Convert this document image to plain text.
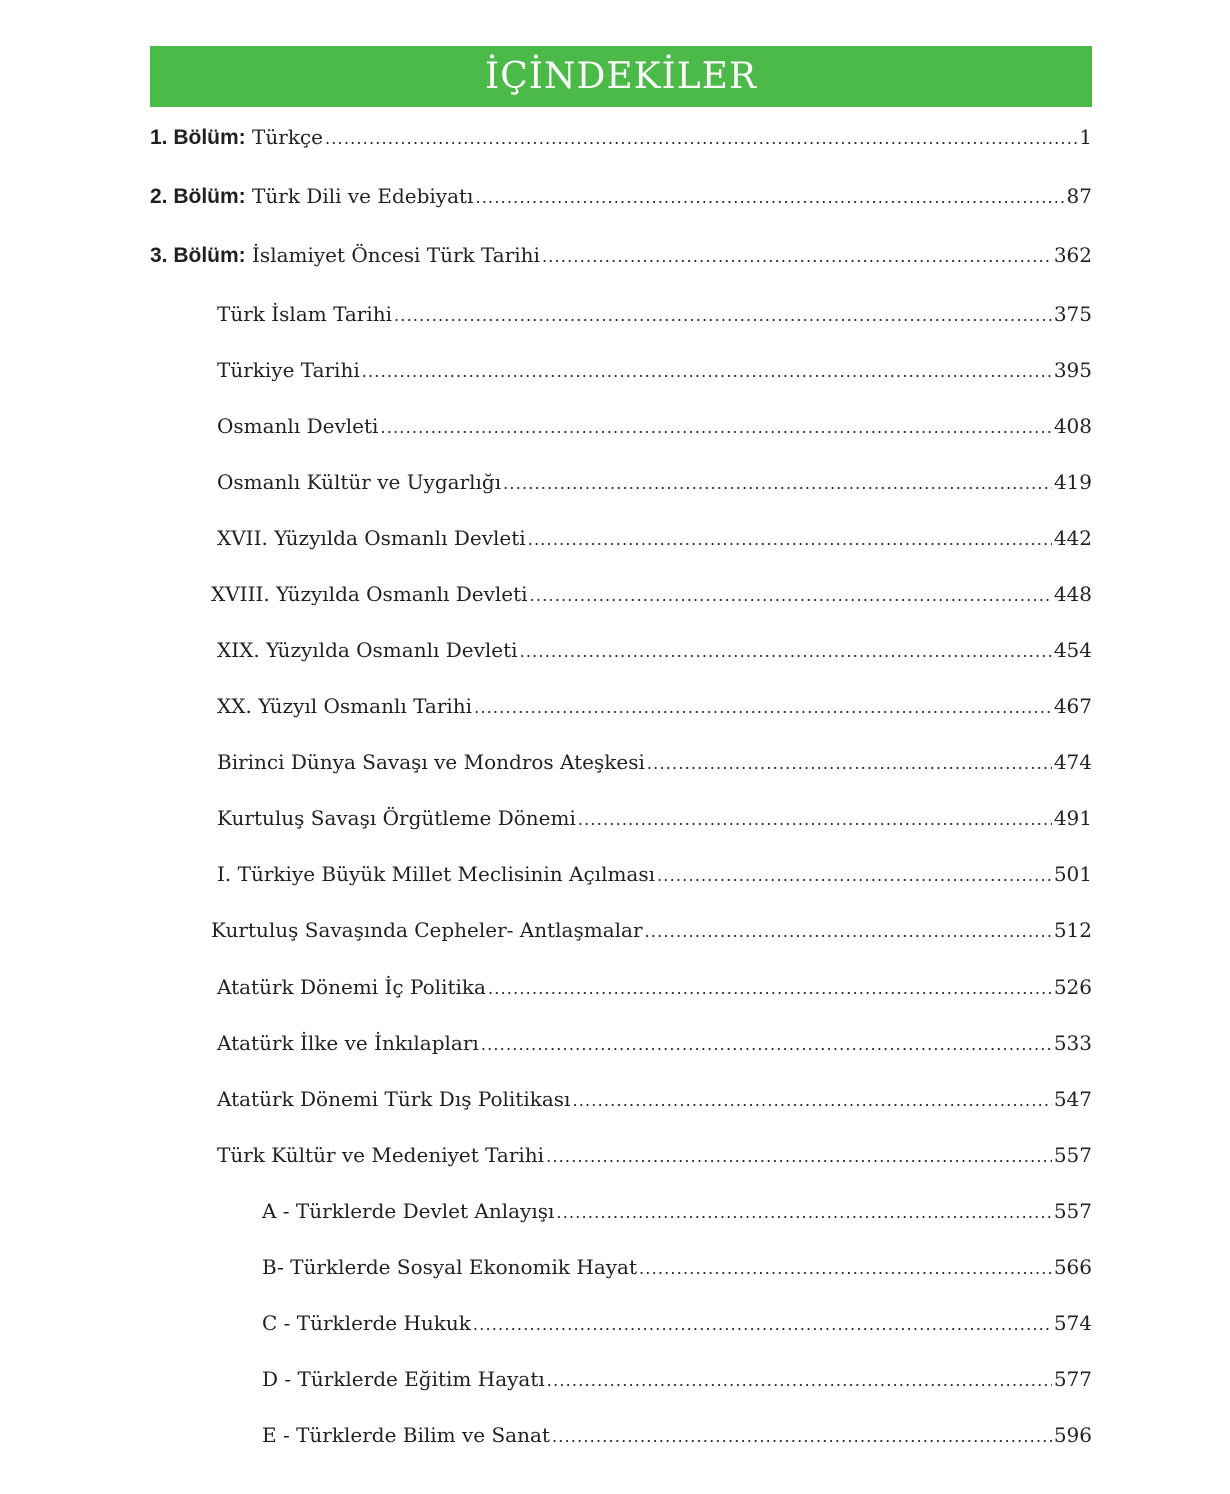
İÇİNDEKİLER
1. Bölüm: Türkçe .....	1
2. Bölüm: Türk Dili ve Edebiyatı .....	87
3. Bölüm: İslamiyet Öncesi Türk Tarihi .....	362
Türk İslam Tarihi .....	375
Türkiye Tarihi .....	395
Osmanlı Devleti .....	408
Osmanlı Kültür ve Uygarlığı .....	419
XVII. Yüzyılda Osmanlı Devleti .....	442
XVIII. Yüzyılda Osmanlı Devleti .....	448
XIX. Yüzyılda Osmanlı Devleti .....	454
XX. Yüzyıl Osmanlı Tarihi .....	467
Birinci Dünya Savaşı ve Mondros Ateşkesi .....	474
Kurtuluş Savaşı Örgütleme Dönemi .....	491
I. Türkiye Büyük Millet Meclisinin Açılması .....	501
Kurtuluş Savaşında Cepheler- Antlaşmalar .....	512
Atatürk Dönemi İç Politika .....	526
Atatürk İlke ve İnkılapları .....	533
Atatürk Dönemi Türk Dış Politikası .....	547
Türk Kültür ve Medeniyet Tarihi .....	557
A - Türklerde Devlet Anlayışı .....	557
B- Türklerde Sosyal Ekonomik Hayat .....	566
C - Türklerde Hukuk .....	574
D - Türklerde Eğitim Hayatı .....	577
E - Türklerde Bilim ve Sanat .....	596
